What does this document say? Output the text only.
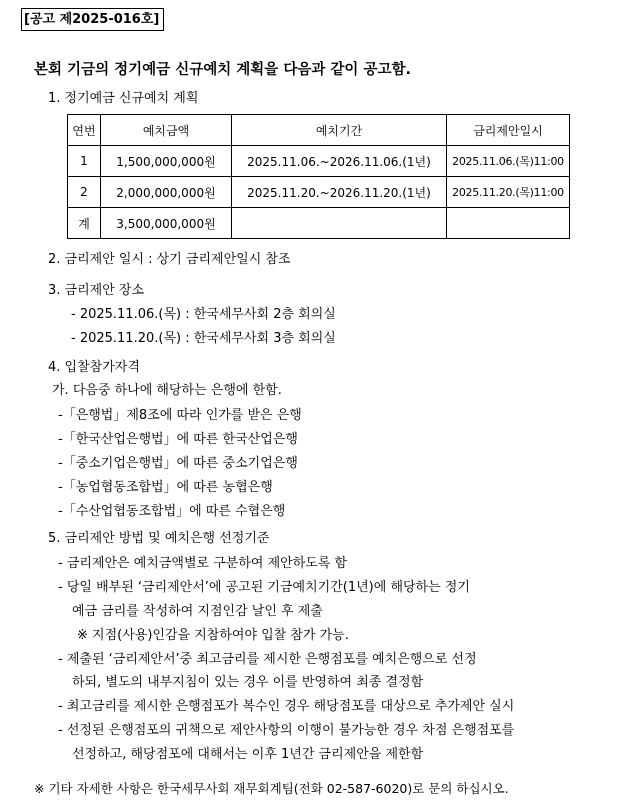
[공고 제2025-016호]
본회 기금의 정기예금 신규예치 계획을 다음과 같이 공고함.
1. 정기예금 신규예치 계획
연번	예치금액	예치기간	금리제안일시
1	1,500,000,000원	2025.11.06.~2026.11.06.(1년)	2025.11.06.(목)11:00
2	2,000,000,000원	2025.11.20.~2026.11.20.(1년)	2025.11.20.(목)11:00
계	3,500,000,000원		
2. 금리제안 일시 : 상기 금리제안일시 참조
3. 금리제안 장소
- 2025.11.06.(목) : 한국세무사회 2층 회의실
- 2025.11.20.(목) : 한국세무사회 3층 회의실
4. 입찰참가자격
가. 다음중 하나에 해당하는 은행에 한함.
-「은행법」제8조에 따라 인가를 받은 은행
-「한국산업은행법」에 따른 한국산업은행
-「중소기업은행법」에 따른 중소기업은행
-「농업협동조합법」에 따른 농협은행
-「수산업협동조합법」에 따른 수협은행
5. 금리제안 방법 및 예치은행 선정기준
- 금리제안은 예치금액별로 구분하여 제안하도록 함
- 당일 배부된 ‘금리제안서’에 공고된 기금예치기간(1년)에 해당하는 정기
예금 금리를 작성하여 지점인감 날인 후 제출
※ 지점(사용)인감을 지참하여야 입찰 참가 가능.
- 제출된 ‘금리제안서’중 최고금리를 제시한 은행점포를 예치은행으로 선정
하되, 별도의 내부지침이 있는 경우 이를 반영하여 최종 결정함
- 최고금리를 제시한 은행점포가 복수인 경우 해당점포를 대상으로 추가제안 실시
- 선정된 은행점포의 귀책으로 제안사항의 이행이 불가능한 경우 차점 은행점포를
선정하고, 해당점포에 대해서는 이후 1년간 금리제안을 제한함
※ 기타 자세한 사항은 한국세무사회 재무회계팀(전화 02-587-6020)로 문의 하십시오.
